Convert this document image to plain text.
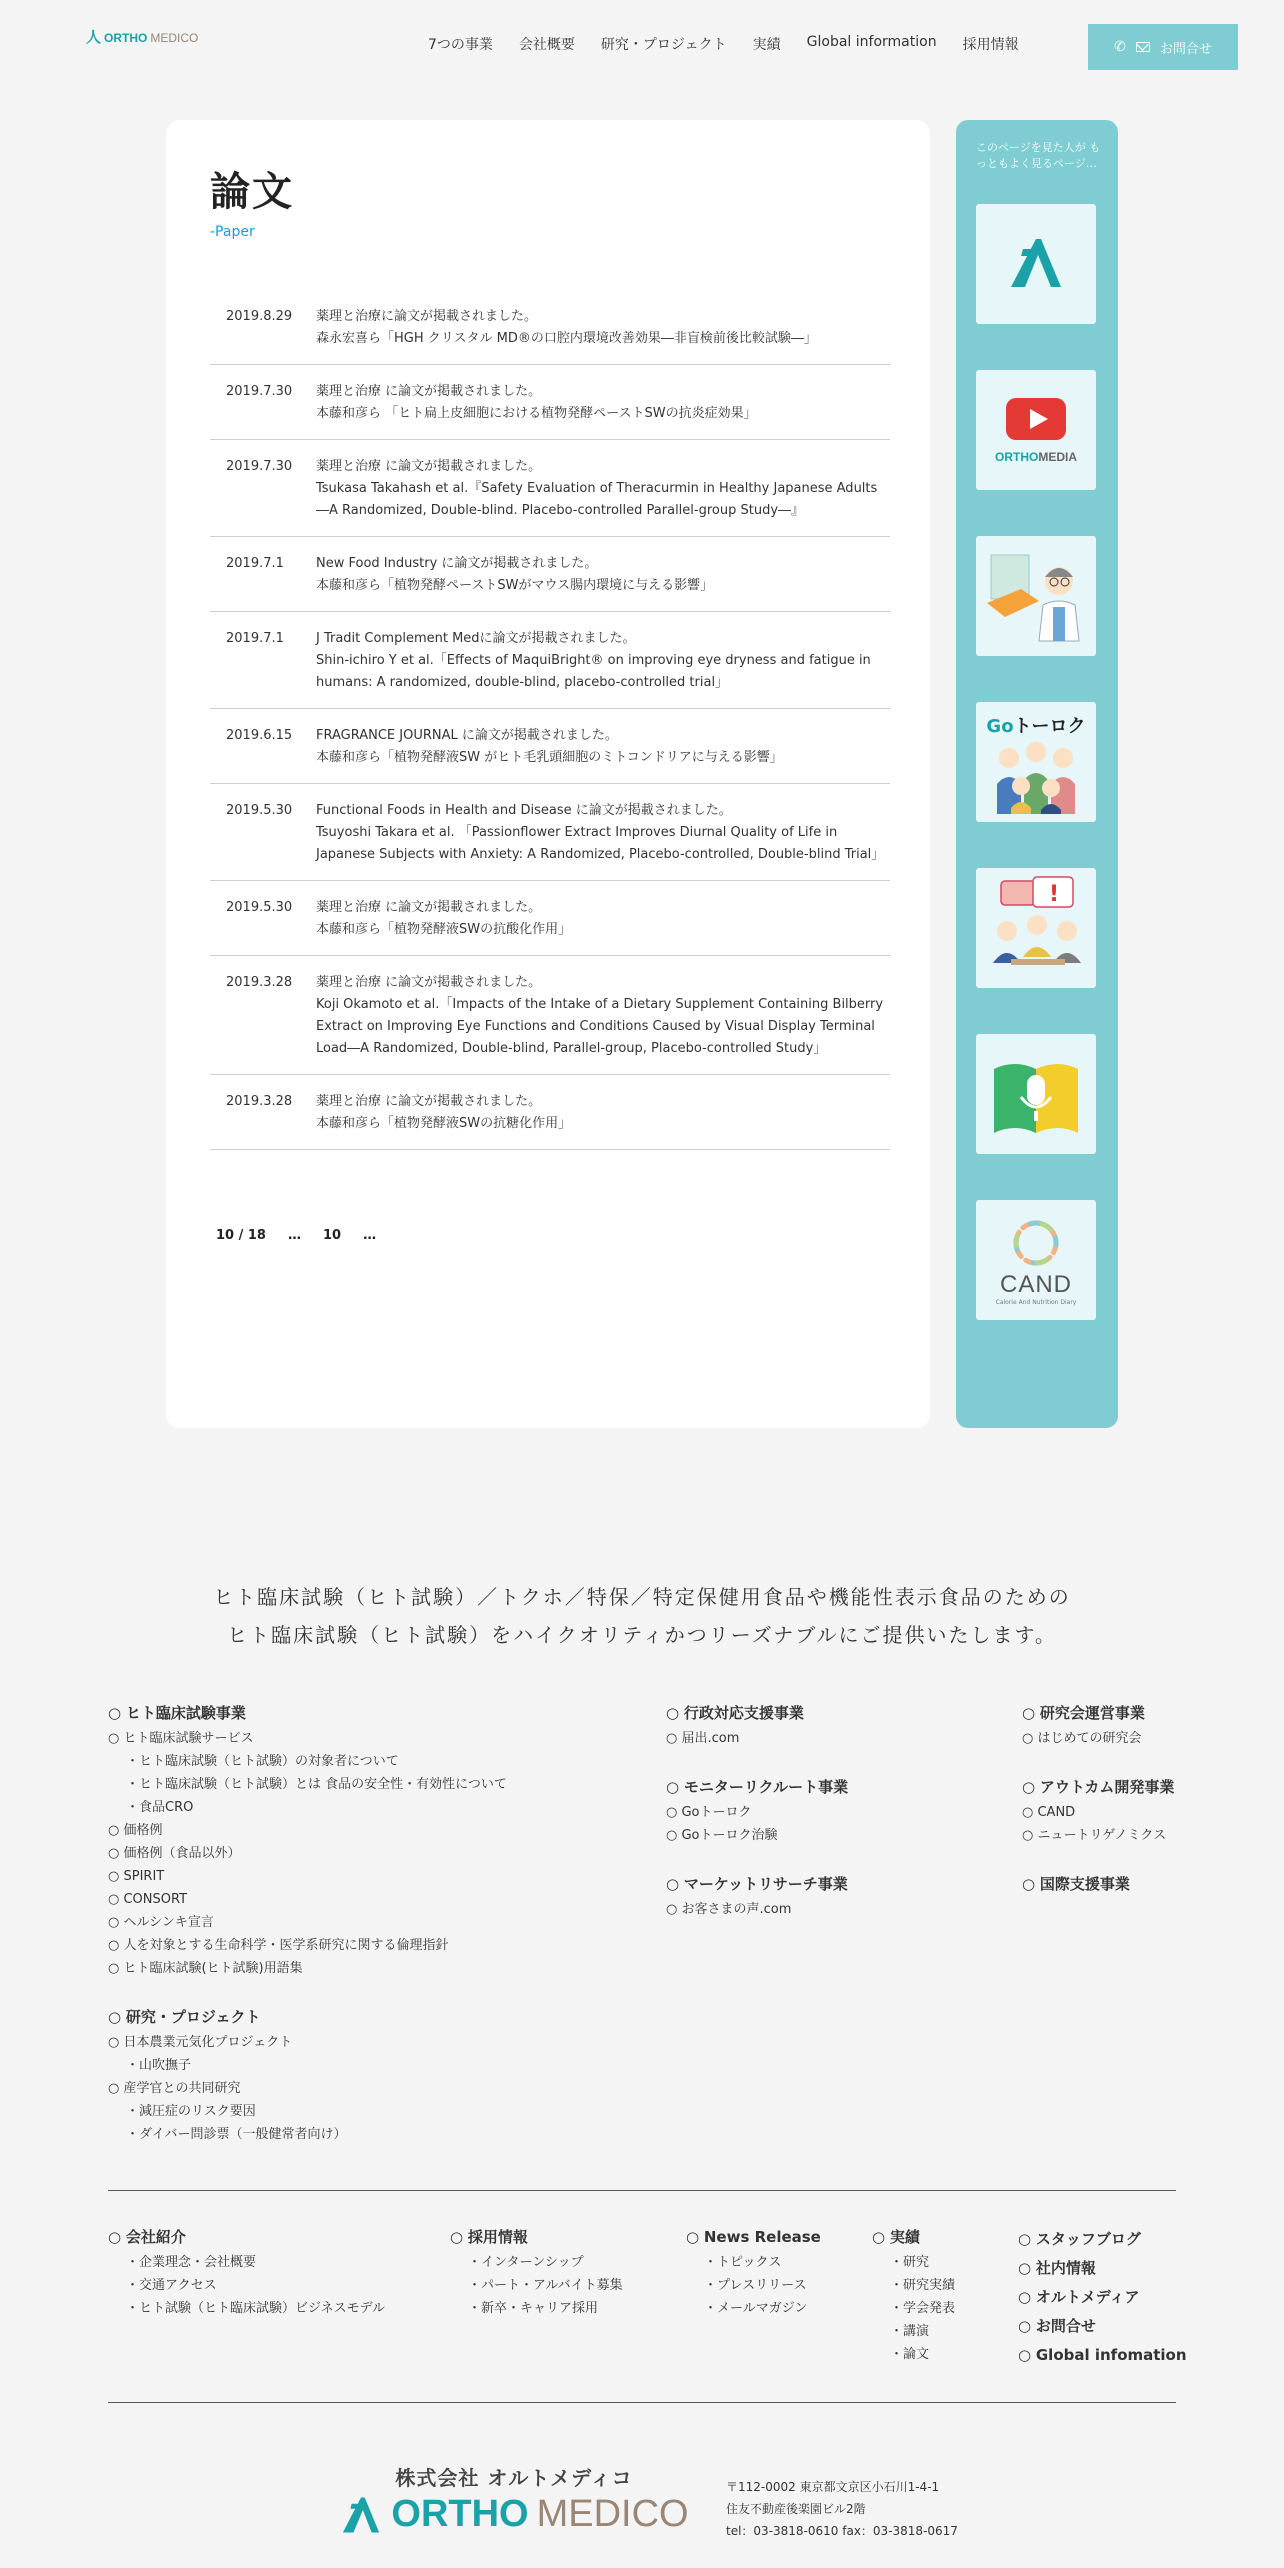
人 ORTHO MEDICO	7つの事業 会社概要 研究・プロジェクト 実績 Global information 採用情報	✆	お問合せ
論文
-Paper
2019.8.29	薬理と治療に論文が掲載されました。
森永宏喜ら「HGH クリスタル MD®の口腔内環境改善効果―非盲検前後比較試験―」
2019.7.30	薬理と治療 に論文が掲載されました。
本藤和彦ら 「ヒト扁上皮細胞における植物発酵ペーストSWの抗炎症効果」
2019.7.30	薬理と治療 に論文が掲載されました。
Tsukasa Takahash et al.『Safety Evaluation of Theracurmin in Healthy Japanese Adults ―A Randomized, Double-blind. Placebo-controlled Parallel-group Study―』
2019.7.1	New Food Industry に論文が掲載されました。
本藤和彦ら「植物発酵ペーストSWがマウス腸内環境に与える影響」
2019.7.1	J Tradit Complement Medに論文が掲載されました。
Shin-ichiro Y et al.「Effects of MaquiBright® on improving eye dryness and fatigue in humans: A randomized, double-blind, placebo-controlled trial」
2019.6.15	FRAGRANCE JOURNAL に論文が掲載されました。
本藤和彦ら「植物発酵液SW がヒト毛乳頭細胞のミトコンドリアに与える影響」
2019.5.30	Functional Foods in Health and Disease に論文が掲載されました。
Tsuyoshi Takara et al. 「Passionflower Extract Improves Diurnal Quality of Life in Japanese Subjects with Anxiety: A Randomized, Placebo-controlled, Double-blind Trial」
2019.5.30	薬理と治療 に論文が掲載されました。
本藤和彦ら「植物発酵液SWの抗酸化作用」
2019.3.28	薬理と治療 に論文が掲載されました。
Koji Okamoto et al.「Impacts of the Intake of a Dietary Supplement Containing Bilberry Extract on Improving Eye Functions and Conditions Caused by Visual Display Terminal Load―A Randomized, Double-blind, Parallel-group, Placebo-controlled Study」
2019.3.28	薬理と治療 に論文が掲載されました。
本藤和彦ら「植物発酵液SWの抗糖化作用」
10 / 18 … 10 …
このページを見た人が もっともよく見るページ…
ORTHOMEDIA
Goトーロク
!
CAND
Calorie And Nutrition Diary
ヒト臨床試験（ヒト試験）／トクホ／特保／特定保健用食品や機能性表示食品のための
ヒト臨床試験（ヒト試験）をハイクオリティかつリーズナブルにご提供いたします。
○ ヒト臨床試験事業
○ ヒト臨床試験サービス
・ ヒト臨床試験（ヒト試験）の対象者について
・ ヒト臨床試験（ヒト試験）とは 食品の安全性・有効性について
・ 食品CRO
○ 価格例
○ 価格例（食品以外）
○ SPIRIT
○ CONSORT
○ ヘルシンキ宣言
○ 人を対象とする生命科学・医学系研究に関する倫理指針
○ ヒト臨床試験(ヒト試験)用語集
○ 研究・プロジェクト
○ 日本農業元気化プロジェクト
・ 山吹撫子
○ 産学官との共同研究
・ 減圧症のリスク要因
・ ダイバー問診票（一般健常者向け）
○ 行政対応支援事業
○ 届出.com
○ モニターリクルート事業
○ Goトーロク
○ Goトーロク治験
○ マーケットリサーチ事業
○ お客さまの声.com
○ 研究会運営事業
○ はじめての研究会
○ アウトカム開発事業
○ CAND
○ ニュートリゲノミクス
○ 国際支援事業
○ 会社紹介
・ 企業理念・会社概要
・ 交通アクセス
・ ヒト試験（ヒト臨床試験）ビジネスモデル
○ 採用情報
・ インターンシップ
・ パート・アルバイト募集
・ 新卒・キャリア採用
○ News Release
・ トピックス
・ プレスリリース
・ メールマガジン
○ 実績
・ 研究
・ 研究実績
・ 学会発表
・ 講演
・ 論文
○ スタッフブログ
○ 社内情報
○ オルトメディア
○ お問合せ
○ Global infomation
株式会社 オルトメディコ
ORTHO MEDICO
〒112-0002 東京都文京区小石川1-4-1
住友不動産後楽園ビル2階
tel：03-3818-0610 fax：03-3818-0617
